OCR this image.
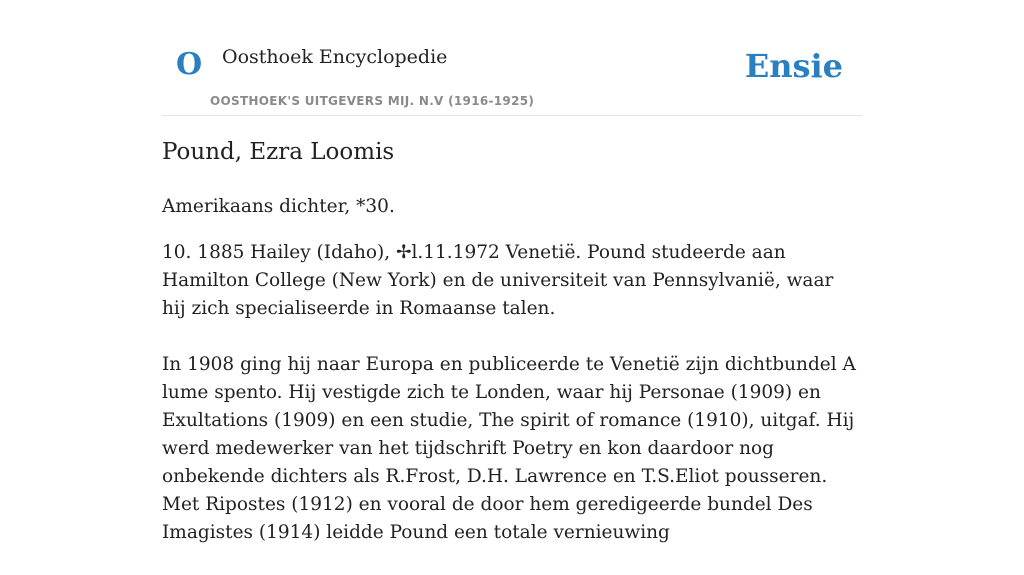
O Oosthoek Encyclopedie
OOSTHOEK'S UITGEVERS MIJ. N.V (1916-1925)
Ensie
Pound, Ezra Loomis

Amerikaans dichter, *30.

10. 1885 Hailey (Idaho), ✢l.11.1972 Venetië. Pound studeerde aan Hamilton College (New York) en de universiteit van Pennsylvanië, waar hij zich specialiseerde in Romaanse talen.

In 1908 ging hij naar Europa en publiceerde te Venetië zijn dichtbundel A lume spento. Hij vestigde zich te Londen, waar hij Personae (1909) en Exultations (1909) en een studie, The spirit of romance (1910), uitgaf. Hij werd medewerker van het tijdschrift Poetry en kon daardoor nog onbekende dichters als R.Frost, D.H. Lawrence en T.S.Eliot pousseren. Met Ripostes (1912) en vooral de door hem geredigeerde bundel Des Imagistes (1914) leidde Pound een totale vernieuwing
